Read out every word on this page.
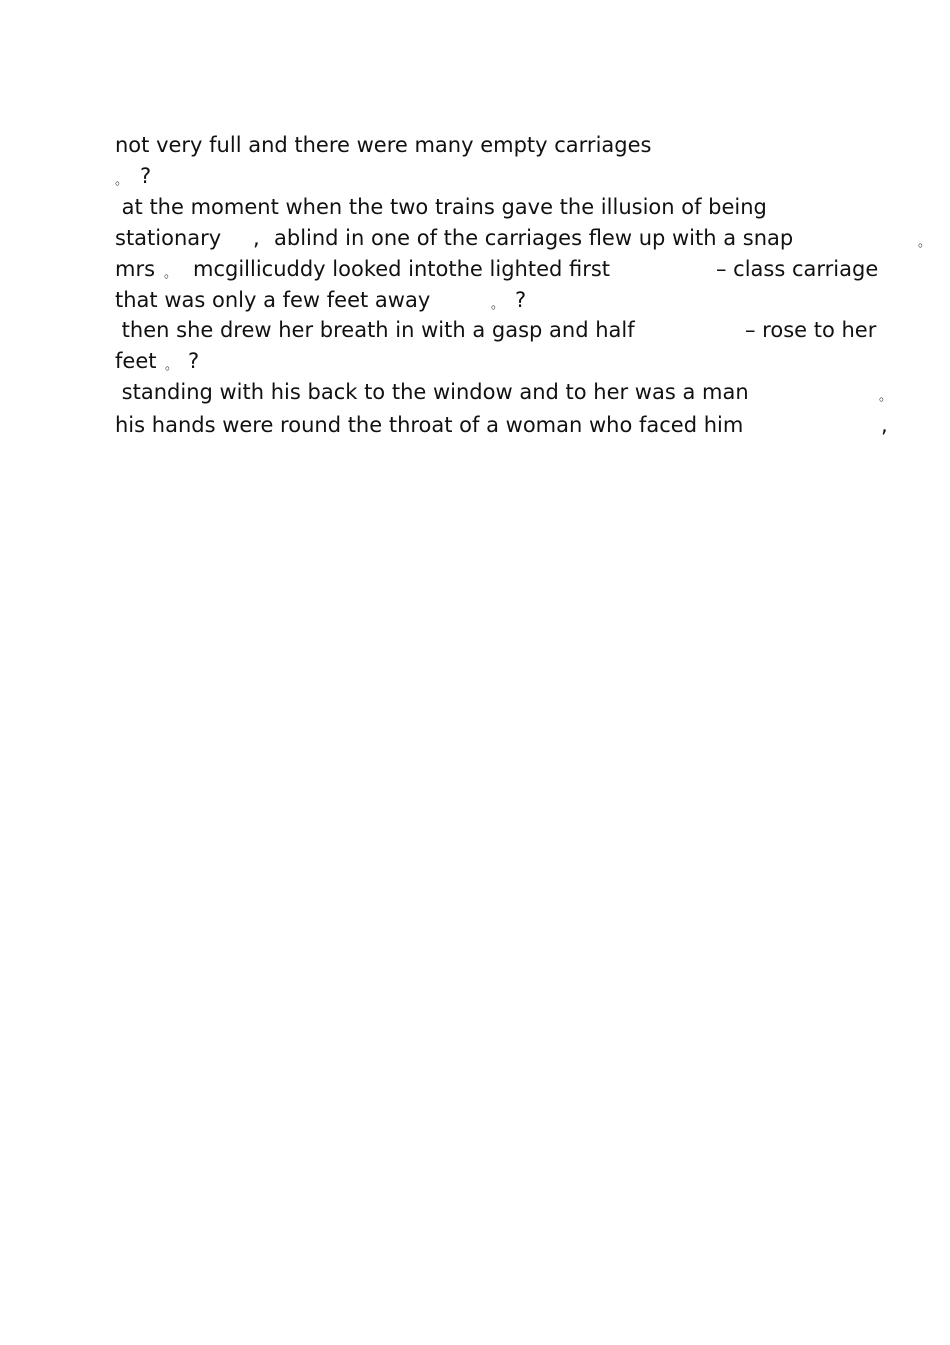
not very full and there were many empty carriages

。

?

at the moment when the two trains gave the illusion of being

stationary

,

ablind in one of the carriages flew up with a snap

	。

mrs

。

mcgillicuddy looked intothe lighted first

	– class carriage

that was only a few feet away

	。

?

then she drew her breath in with a gasp and half

	– rose to her

feet

。

?

standing with his back to the window and to her was a man

	。

his hands were round the throat of a woman who faced him

	,
